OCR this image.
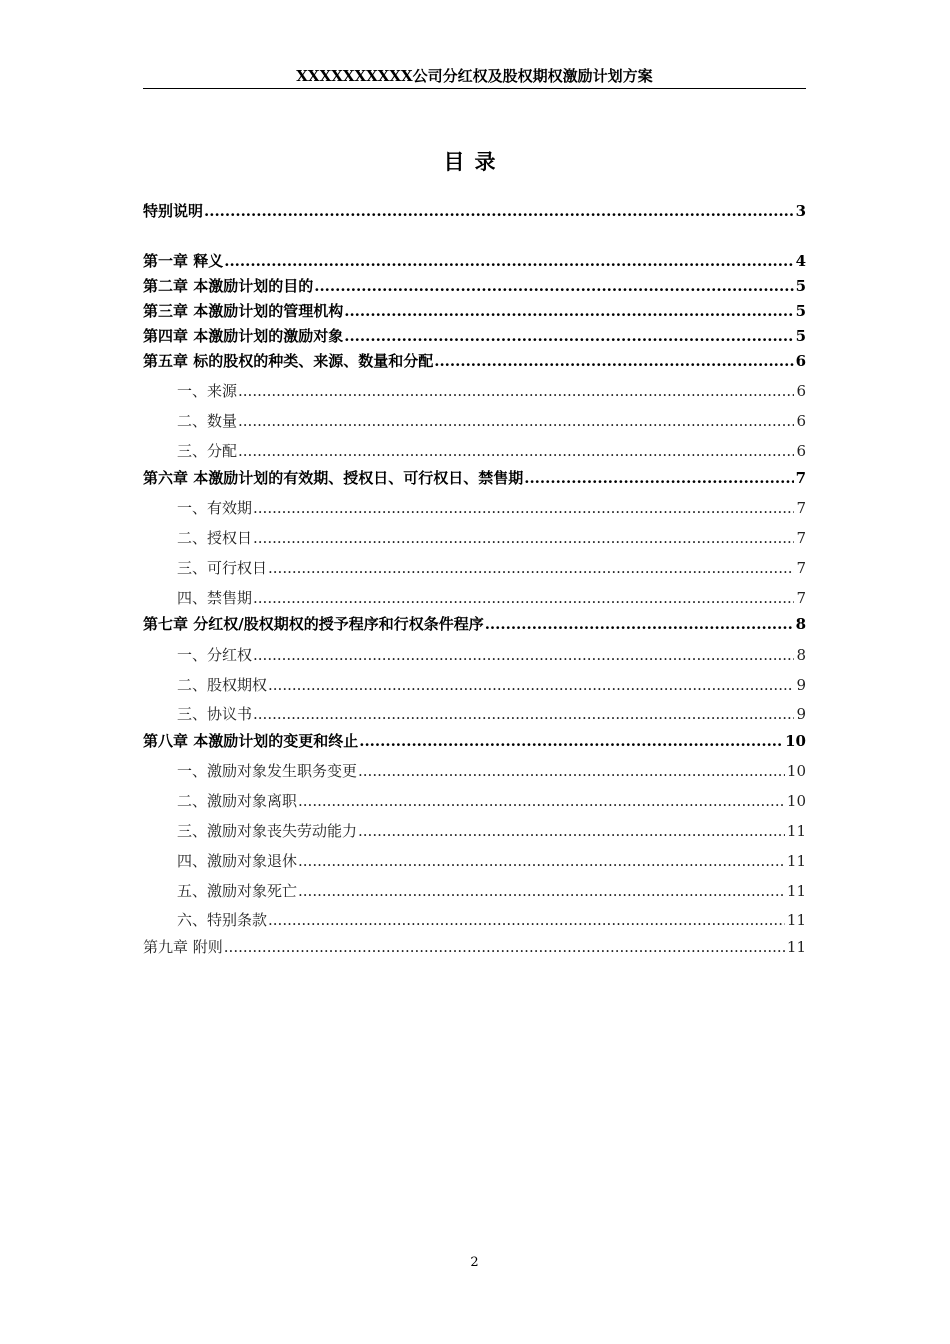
XXXXXXXXXX公司分红权及股权期权激励计划方案
目录
特别说明 .....	3
第一章 释义 .....	4
第二章 本激励计划的目的 .....	5
第三章 本激励计划的管理机构 .....	5
第四章 本激励计划的激励对象 .....	5
第五章 标的股权的种类、来源、数量和分配 .....	6
一、来源 .....	6
二、数量 .....	6
三、分配 .....	6
第六章 本激励计划的有效期、授权日、可行权日、禁售期 .....	7
一、有效期 .....	7
二、授权日 .....	7
三、可行权日 .....	7
四、禁售期 .....	7
第七章 分红权/股权期权的授予程序和行权条件程序 .....	8
一、分红权 .....	8
二、股权期权 .....	9
三、协议书 .....	9
第八章 本激励计划的变更和终止 .....	10
一、激励对象发生职务变更 .....	10
二、激励对象离职 .....	10
三、激励对象丧失劳动能力 .....	11
四、激励对象退休 .....	11
五、激励对象死亡 .....	11
六、特别条款 .....	11
第九章 附则 .....	11
2
